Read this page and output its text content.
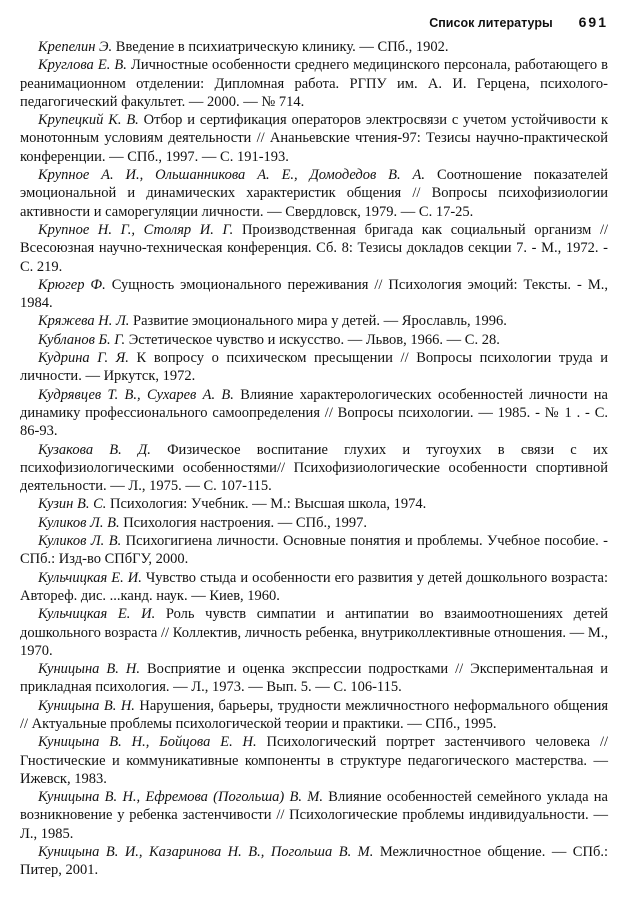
Список литературы 691

Крепелин Э. Введение в психиатрическую клинику. — СПб., 1902.

Круглова Е. В. Личностные особенности среднего медицинского персонала, работающего в реанимационном отделении: Дипломная работа. РГПУ им. А. И. Герцена, психолого-педагогический факультет. — 2000. — № 714.

Крупецкий К. В. Отбор и сертификация операторов электросвязи с учетом устойчивости к монотонным условиям деятельности // Ананьевские чтения-97: Тезисы научно-практической конференции. — СПб., 1997. — С. 191-193.

Крупное А. И., Ольшанникова А. Е., Домодедов В. А. Соотношение показателей эмоциональной и динамических характеристик общения // Вопросы психофизиологии активности и саморегуляции личности. — Свердловск, 1979. — С. 17-25.

Крупное Н. Г., Столяр И. Г. Производственная бригада как социальный организм // Всесоюзная научно-техническая конференция. Сб. 8: Тезисы докладов секции 7. - М., 1972. - С. 219.

Крюгер Ф. Сущность эмоционального переживания // Психология эмоций: Тексты. - М., 1984.

Кряжева Н. Л. Развитие эмоционального мира у детей. — Ярославль, 1996.

Кубланов Б. Г. Эстетическое чувство и искусство. — Львов, 1966. — С. 28.

Кудрина Г. Я. К вопросу о психическом пресыщении // Вопросы психологии труда и личности. — Иркутск, 1972.

Кудрявцев Т. В., Сухарев А. В. Влияние характерологических особенностей личности на динамику профессионального самоопределения // Вопросы психологии. — 1985. - № 1 . - С. 86-93.

Кузакова В. Д. Физическое воспитание глухих и тугоухих в связи с их психофизиологическими особенностями// Психофизиологические особенности спортивной деятельности. — Л., 1975. — С. 107-115.

Кузин В. С. Психология: Учебник. — М.: Высшая школа, 1974.

Куликов Л. В. Психология настроения. — СПб., 1997.

Куликов Л. В. Психогигиена личности. Основные понятия и проблемы. Учебное пособие. - СПб.: Изд-во СПбГУ, 2000.

Кульчицкая Е. И. Чувство стыда и особенности его развития у детей дошкольного возраста: Автореф. дис. ...канд. наук. — Киев, 1960.

Кульчицкая Е. И. Роль чувств симпатии и антипатии во взаимоотношениях детей дошкольного возраста // Коллектив, личность ребенка, внутриколлективные отношения. — М., 1970.

Куницына В. Н. Восприятие и оценка экспрессии подростками // Экспериментальная и прикладная психология. — Л., 1973. — Вып. 5. — С. 106-115.

Куницына В. Н. Нарушения, барьеры, трудности межличностного неформального общения // Актуальные проблемы психологической теории и практики. — СПб., 1995.

Куницына В. Н., Бойцова Е. Н. Психологический портрет застенчивого человека // Гностические и коммуникативные компоненты в структуре педагогического мастерства. — Ижевск, 1983.

Куницына В. Н., Ефремова (Погольша) В. М. Влияние особенностей семейного уклада на возникновение у ребенка застенчивости // Психологические проблемы индивидуальности. — Л., 1985.

Куницына В. И., Казаринова Н. В., Погольша В. М. Межличностное общение. — СПб.: Питер, 2001.
